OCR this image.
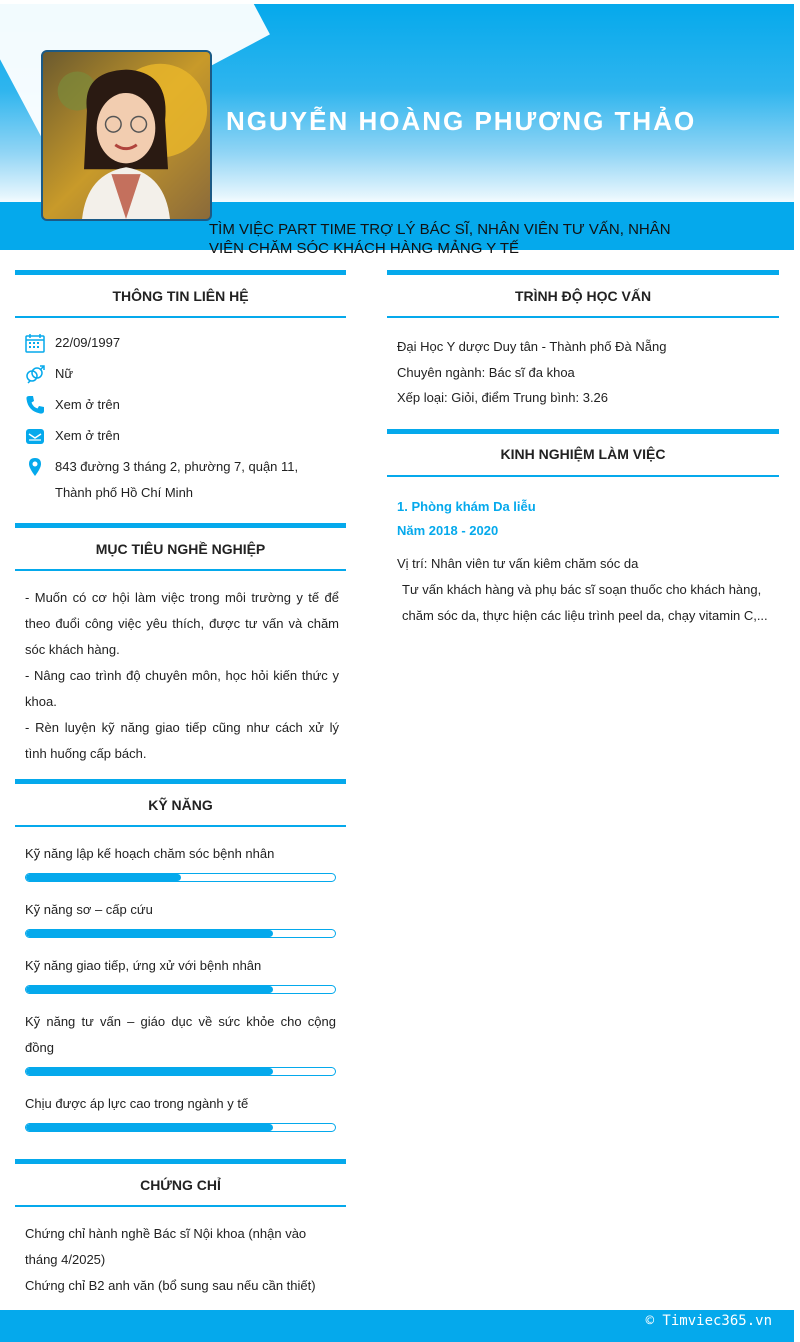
NGUYỄN HOÀNG PHƯƠNG THẢO
TÌM VIỆC PART TIME TRỢ LÝ BÁC SĨ, NHÂN VIÊN TƯ VẤN, NHÂN VIÊN CHĂM SÓC KHÁCH HÀNG MẢNG Y TẾ
THÔNG TIN LIÊN HỆ
22/09/1997
Nữ
Xem ở trên
Xem ở trên
843 đường 3 tháng 2, phường 7, quận 11, Thành phố Hồ Chí Minh
MỤC TIÊU NGHỀ NGHIỆP
- Muốn có cơ hội làm việc trong môi trường y tế để theo đuổi công việc yêu thích, được tư vấn và chăm sóc khách hàng.
- Nâng cao trình độ chuyên môn, học hỏi kiến thức y khoa.
- Rèn luyện kỹ năng giao tiếp cũng như cách xử lý tình huống cấp bách.
KỸ NĂNG
Kỹ năng lập kế hoạch chăm sóc bệnh nhân
Kỹ năng sơ – cấp cứu
Kỹ năng giao tiếp, ứng xử với bệnh nhân
Kỹ năng tư vấn – giáo dục về sức khỏe cho cộng đồng
Chịu được áp lực cao trong ngành y tế
CHỨNG CHỈ
Chứng chỉ hành nghề Bác sĩ Nội khoa (nhận vào tháng 4/2025)
Chứng chỉ B2 anh văn (bổ sung sau nếu cần thiết)
TRÌNH ĐỘ HỌC VẤN
Đại Học Y dược Duy tân - Thành phố Đà Nẵng
Chuyên ngành: Bác sĩ đa khoa
Xếp loại: Giỏi, điểm Trung bình: 3.26
KINH NGHIỆM LÀM VIỆC
1. Phòng khám Da liễu
Năm 2018 - 2020
Vị trí: Nhân viên tư vấn kiêm chăm sóc da
Tư vấn khách hàng và phụ bác sĩ soạn thuốc cho khách hàng, chăm sóc da, thực hiện các liệu trình peel da, chạy vitamin C,...
© Timviec365.vn
